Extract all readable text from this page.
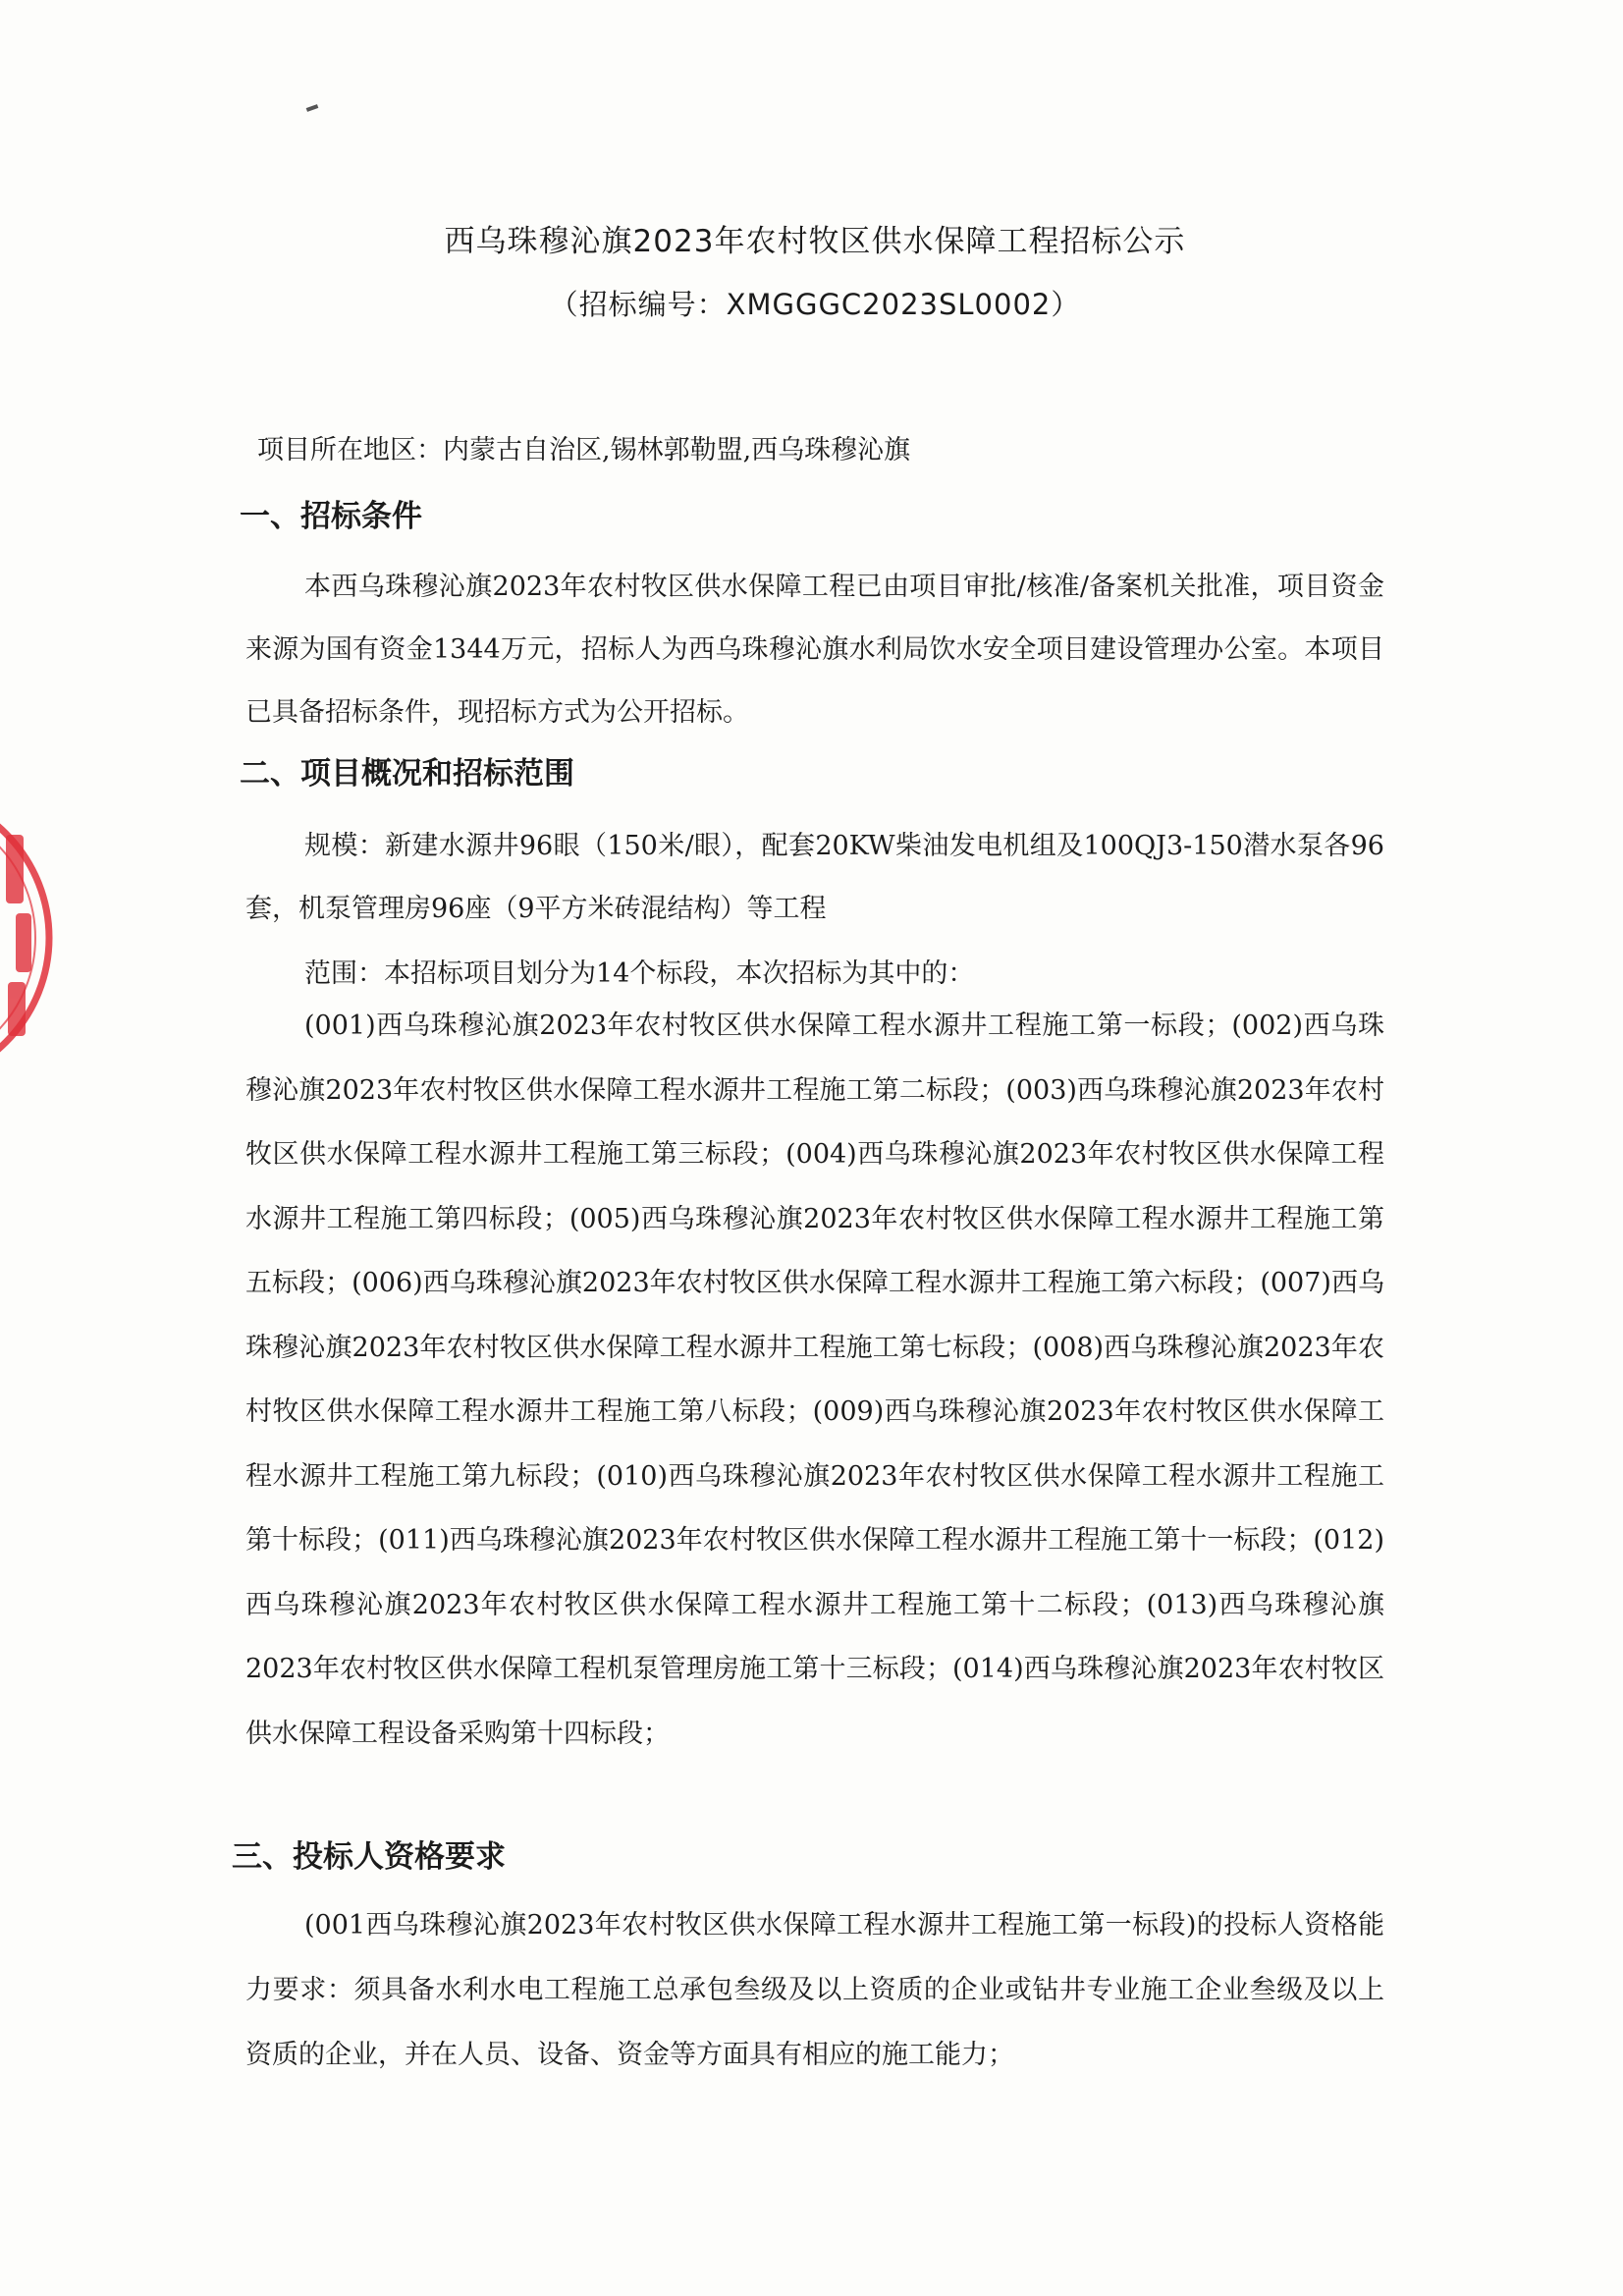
西乌珠穆沁旗2023年农村牧区供水保障工程招标公示
（招标编号：XMGGGC2023SL0002）
项目所在地区：内蒙古自治区,锡林郭勒盟,西乌珠穆沁旗
一、招标条件
本西乌珠穆沁旗2023年农村牧区供水保障工程已由项目审批/核准/备案机关批准，项目资金来源为国有资金1344万元，招标人为西乌珠穆沁旗水利局饮水安全项目建设管理办公室。本项目已具备招标条件，现招标方式为公开招标。
二、项目概况和招标范围
规模：新建水源井96眼（150米/眼），配套20KW柴油发电机组及100QJ3-150潜水泵各96套，机泵管理房96座（9平方米砖混结构）等工程
范围：本招标项目划分为14个标段，本次招标为其中的：
(001)西乌珠穆沁旗2023年农村牧区供水保障工程水源井工程施工第一标段；(002)西乌珠穆沁旗2023年农村牧区供水保障工程水源井工程施工第二标段；(003)西乌珠穆沁旗2023年农村牧区供水保障工程水源井工程施工第三标段；(004)西乌珠穆沁旗2023年农村牧区供水保障工程水源井工程施工第四标段；(005)西乌珠穆沁旗2023年农村牧区供水保障工程水源井工程施工第五标段；(006)西乌珠穆沁旗2023年农村牧区供水保障工程水源井工程施工第六标段；(007)西乌珠穆沁旗2023年农村牧区供水保障工程水源井工程施工第七标段；(008)西乌珠穆沁旗2023年农村牧区供水保障工程水源井工程施工第八标段；(009)西乌珠穆沁旗2023年农村牧区供水保障工程水源井工程施工第九标段；(010)西乌珠穆沁旗2023年农村牧区供水保障工程水源井工程施工第十标段；(011)西乌珠穆沁旗2023年农村牧区供水保障工程水源井工程施工第十一标段；(012)西乌珠穆沁旗2023年农村牧区供水保障工程水源井工程施工第十二标段；(013)西乌珠穆沁旗2023年农村牧区供水保障工程机泵管理房施工第十三标段；(014)西乌珠穆沁旗2023年农村牧区供水保障工程设备采购第十四标段；
三、投标人资格要求
(001西乌珠穆沁旗2023年农村牧区供水保障工程水源井工程施工第一标段)的投标人资格能力要求：须具备水利水电工程施工总承包叁级及以上资质的企业或钻井专业施工企业叁级及以上资质的企业，并在人员、设备、资金等方面具有相应的施工能力；
